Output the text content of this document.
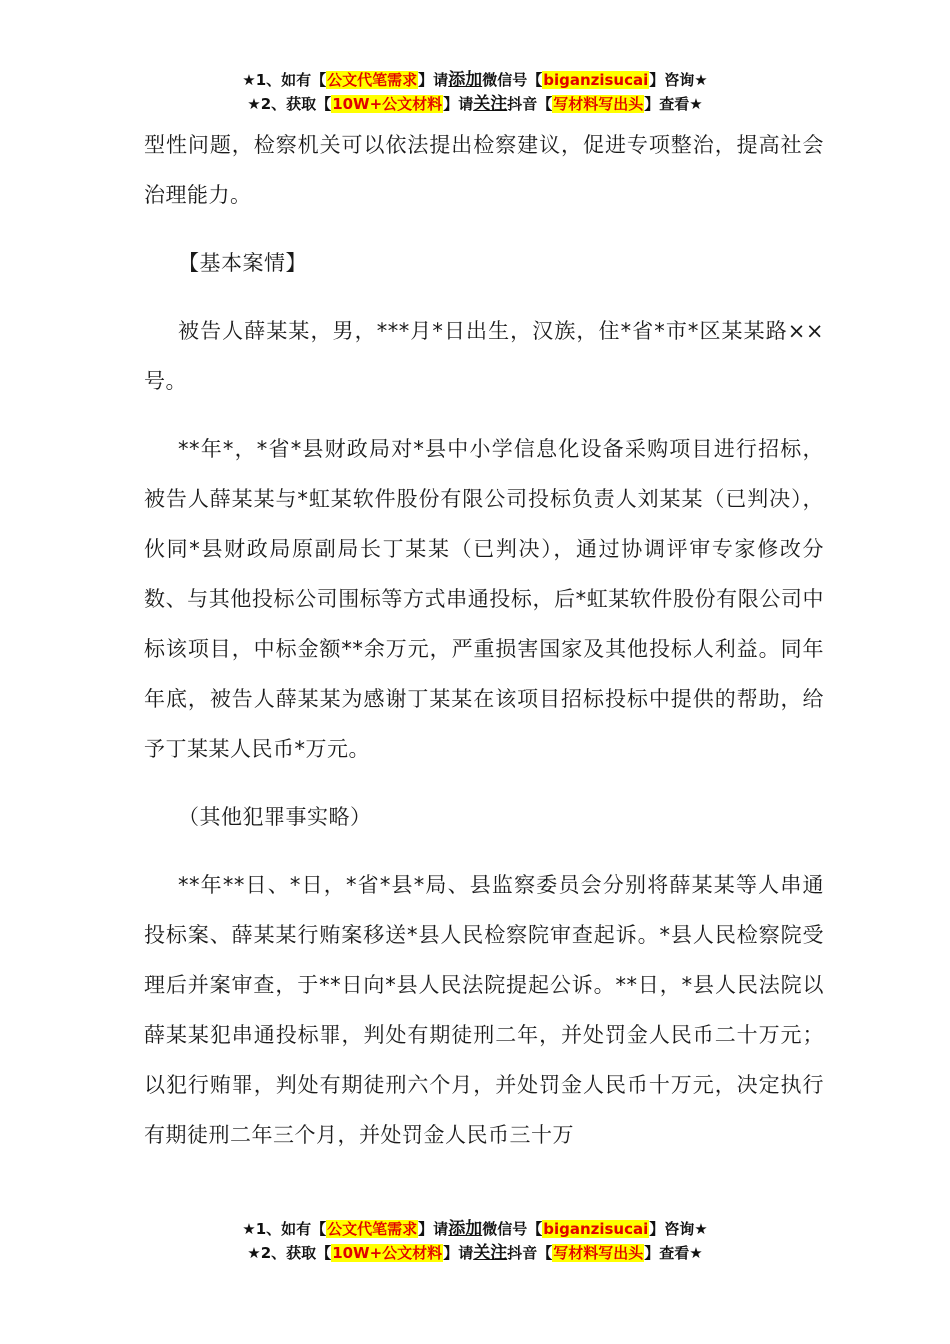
★1、如有【公文代笔需求】请添加微信号【biganzisucai】咨询★
★2、获取【10W+公文材料】请关注抖音【写材料写出头】查看★

型性问题，检察机关可以依法提出检察建议，促进专项整治，提高社会治理能力。

【基本案情】

被告人薛某某，男，***月*日出生，汉族，住*省*市*区某某路××号。

**年*，*省*县财政局对*县中小学信息化设备采购项目进行招标，被告人薛某某与*虹某软件股份有限公司投标负责人刘某某（已判决），伙同*县财政局原副局长丁某某（已判决），通过协调评审专家修改分数、与其他投标公司围标等方式串通投标，后*虹某软件股份有限公司中标该项目，中标金额**余万元，严重损害国家及其他投标人利益。同年年底，被告人薛某某为感谢丁某某在该项目招标投标中提供的帮助，给予丁某某人民币*万元。

（其他犯罪事实略）

**年**日、*日，*省*县*局、县监察委员会分别将薛某某等人串通投标案、薛某某行贿案移送*县人民检察院审查起诉。*县人民检察院受理后并案审查，于**日向*县人民法院提起公诉。**日，*县人民法院以薛某某犯串通投标罪，判处有期徒刑二年，并处罚金人民币二十万元；以犯行贿罪，判处有期徒刑六个月，并处罚金人民币十万元，决定执行有期徒刑二年三个月，并处罚金人民币三十万

★1、如有【公文代笔需求】请添加微信号【biganzisucai】咨询★
★2、获取【10W+公文材料】请关注抖音【写材料写出头】查看★
